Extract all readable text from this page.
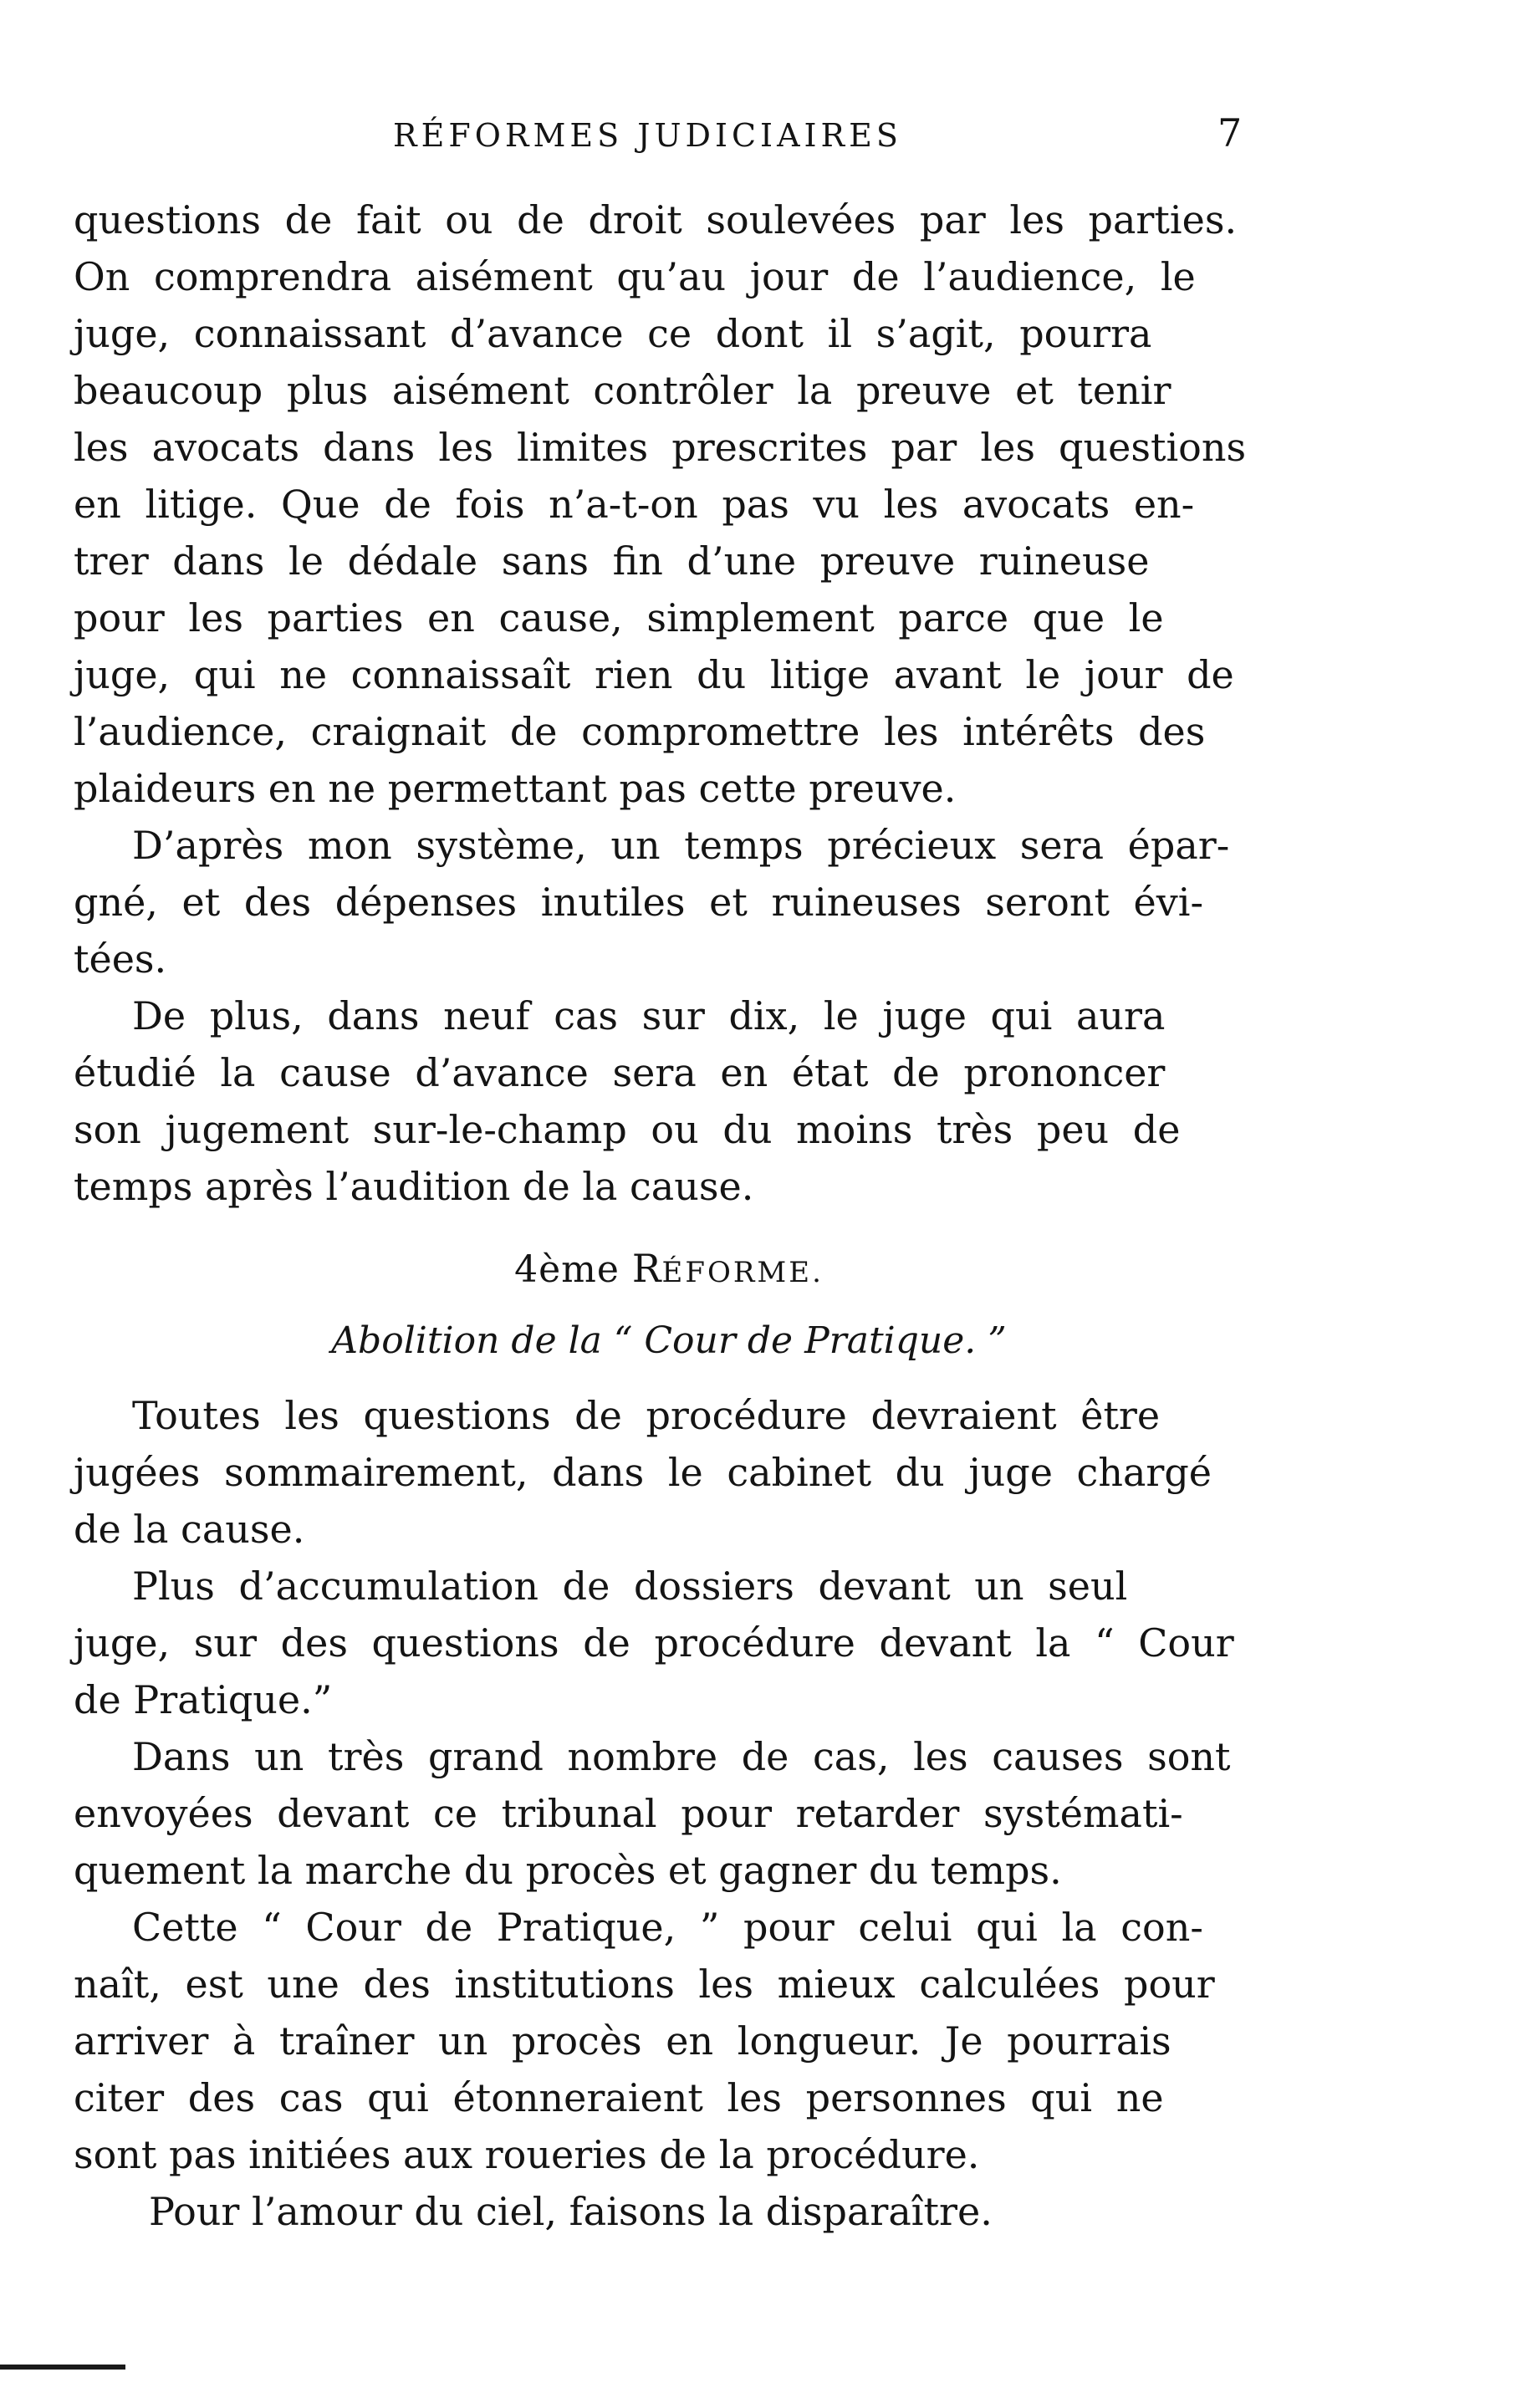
RÉFORMES JUDICIAIRES	7
questions de fait ou de droit soulevées par les parties.
On comprendra aisément qu’au jour de l’audience, le
juge, connaissant d’avance ce dont il s’agit, pourra
beaucoup plus aisément contrôler la preuve et tenir
les avocats dans les limites prescrites par les questions
en litige. Que de fois n’a-t-on pas vu les avocats en-
trer dans le dédale sans fin d’une preuve ruineuse
pour les parties en cause, simplement parce que le
juge, qui ne connaissaît rien du litige avant le jour de
l’audience, craignait de compromettre les intérêts des
plaideurs en ne permettant pas cette preuve.
D’après mon système, un temps précieux sera épar-
gné, et des dépenses inutiles et ruineuses seront évi-
tées.
De plus, dans neuf cas sur dix, le juge qui aura
étudié la cause d’avance sera en état de prononcer
son jugement sur-le-champ ou du moins très peu de
temps après l’audition de la cause.
4ème RÉFORME.
Abolition de la “ Cour de Pratique. ”
Toutes les questions de procédure devraient être
jugées sommairement, dans le cabinet du juge chargé
de la cause.
Plus d’accumulation de dossiers devant un seul
juge, sur des questions de procédure devant la “ Cour
de Pratique.”
Dans un très grand nombre de cas, les causes sont
envoyées devant ce tribunal pour retarder systémati-
quement la marche du procès et gagner du temps.
Cette “ Cour de Pratique, ” pour celui qui la con-
naît, est une des institutions les mieux calculées pour
arriver à traîner un procès en longueur. Je pourrais
citer des cas qui étonneraient les personnes qui ne
sont pas initiées aux roueries de la procédure.
Pour l’amour du ciel, faisons la disparaître.
